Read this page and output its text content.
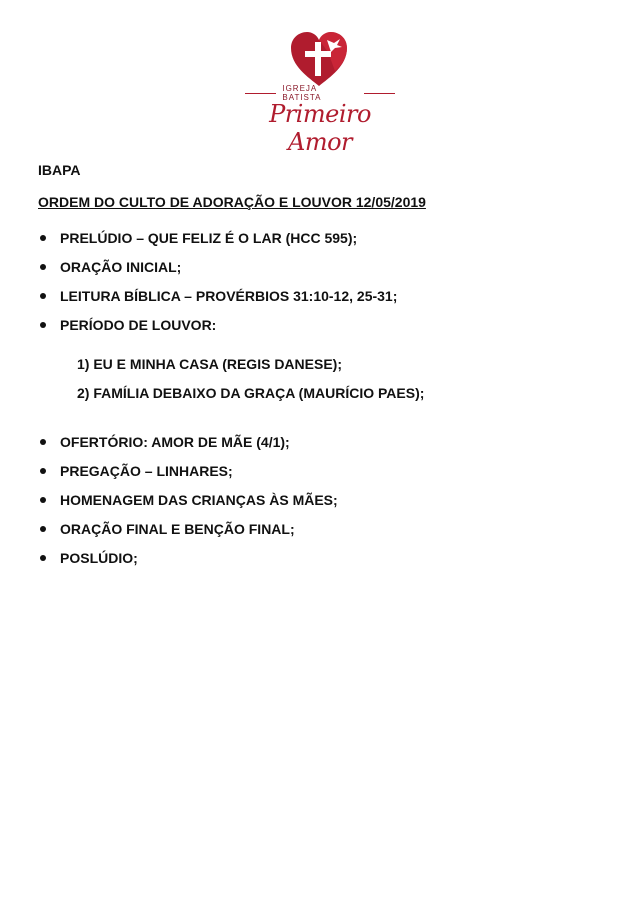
IGREJA BATISTA
Primeiro Amor
IBAPA
ORDEM DO CULTO DE ADORAÇÃO E LOUVOR 12/05/2019
PRELÚDIO – QUE FELIZ É O LAR (HCC 595);
ORAÇÃO INICIAL;
LEITURA BÍBLICA – PROVÉRBIOS 31:10-12, 25-31;
PERÍODO DE LOUVOR:
1) EU E MINHA CASA (REGIS DANESE);
2) FAMÍLIA DEBAIXO DA GRAÇA (MAURÍCIO PAES);
OFERTÓRIO: AMOR DE MÃE (4/1);
PREGAÇÃO – LINHARES;
HOMENAGEM DAS CRIANÇAS ÀS MÃES;
ORAÇÃO FINAL E BENÇÃO FINAL;
POSLÚDIO;
